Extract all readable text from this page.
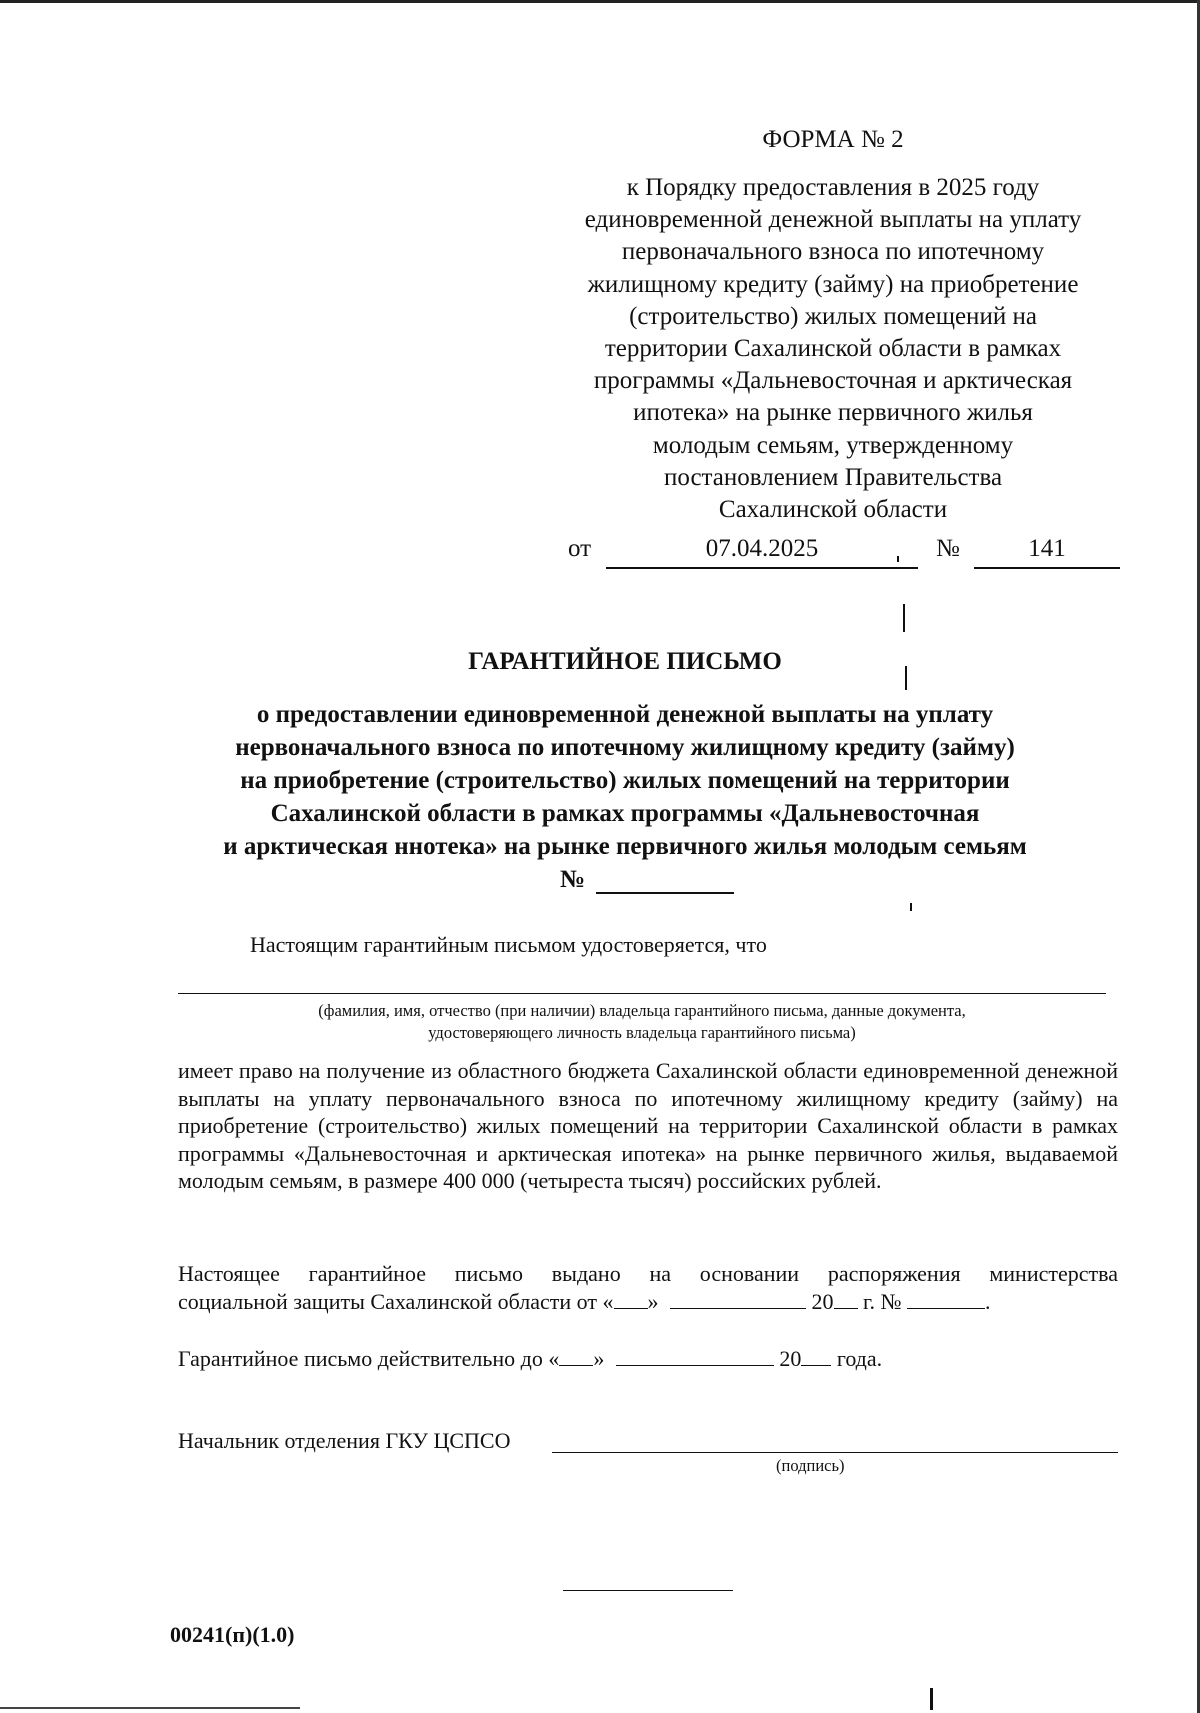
ФОРМА № 2
к Порядку предоставления в 2025 году
единовременной денежной выплаты на уплату
первоначального взноса по ипотечному
жилищному кредиту (займу) на приобретение
(строительство) жилых помещений на
территории Сахалинской области в рамках
программы «Дальневосточная и арктическая
ипотека» на рынке первичного жилья
молодым семьям, утвержденному
постановлением Правительства
Сахалинской области
от	07.04.2025	№	141
ГАРАНТИЙНОЕ ПИСЬМО
о предоставлении единовременной денежной выплаты на уплату
нервоначального взноса по ипотечному жилищному кредиту (займу)
на приобретение (строительство) жилых помещений на территории
Сахалинской области в рамках программы «Дальневосточная
и арктическая ннотека» на рынке первичного жилья молодым семьям
№
Настоящим гарантийным письмом удостоверяется, что
(фамилия, имя, отчество (при наличии) владельца гарантийного письма, данные документа,
удостоверяющего личность владельца гарантийного письма)
имеет право на получение из областного бюджета Сахалинской области единовременной денежной выплаты на уплату первоначального взноса по ипотечному жилищному кредиту (займу) на приобретение (строительство) жилых помещений на территории Сахалинской области в рамках программы «Дальневосточная и арктическая ипотека» на рынке первичного жилья, выдаваемой молодым семьям, в размере 400 000 (четыреста тысяч) российских рублей.
Настоящее гарантийное письмо выдано на основании распоряжения министерства
социальной защиты Сахалинской области от « »	20 г. №	.
Гарантийное письмо действительно до « »	20 года.
Начальник отделения ГКУ ЦСПСО
(подпись)
00241(п)(1.0)
